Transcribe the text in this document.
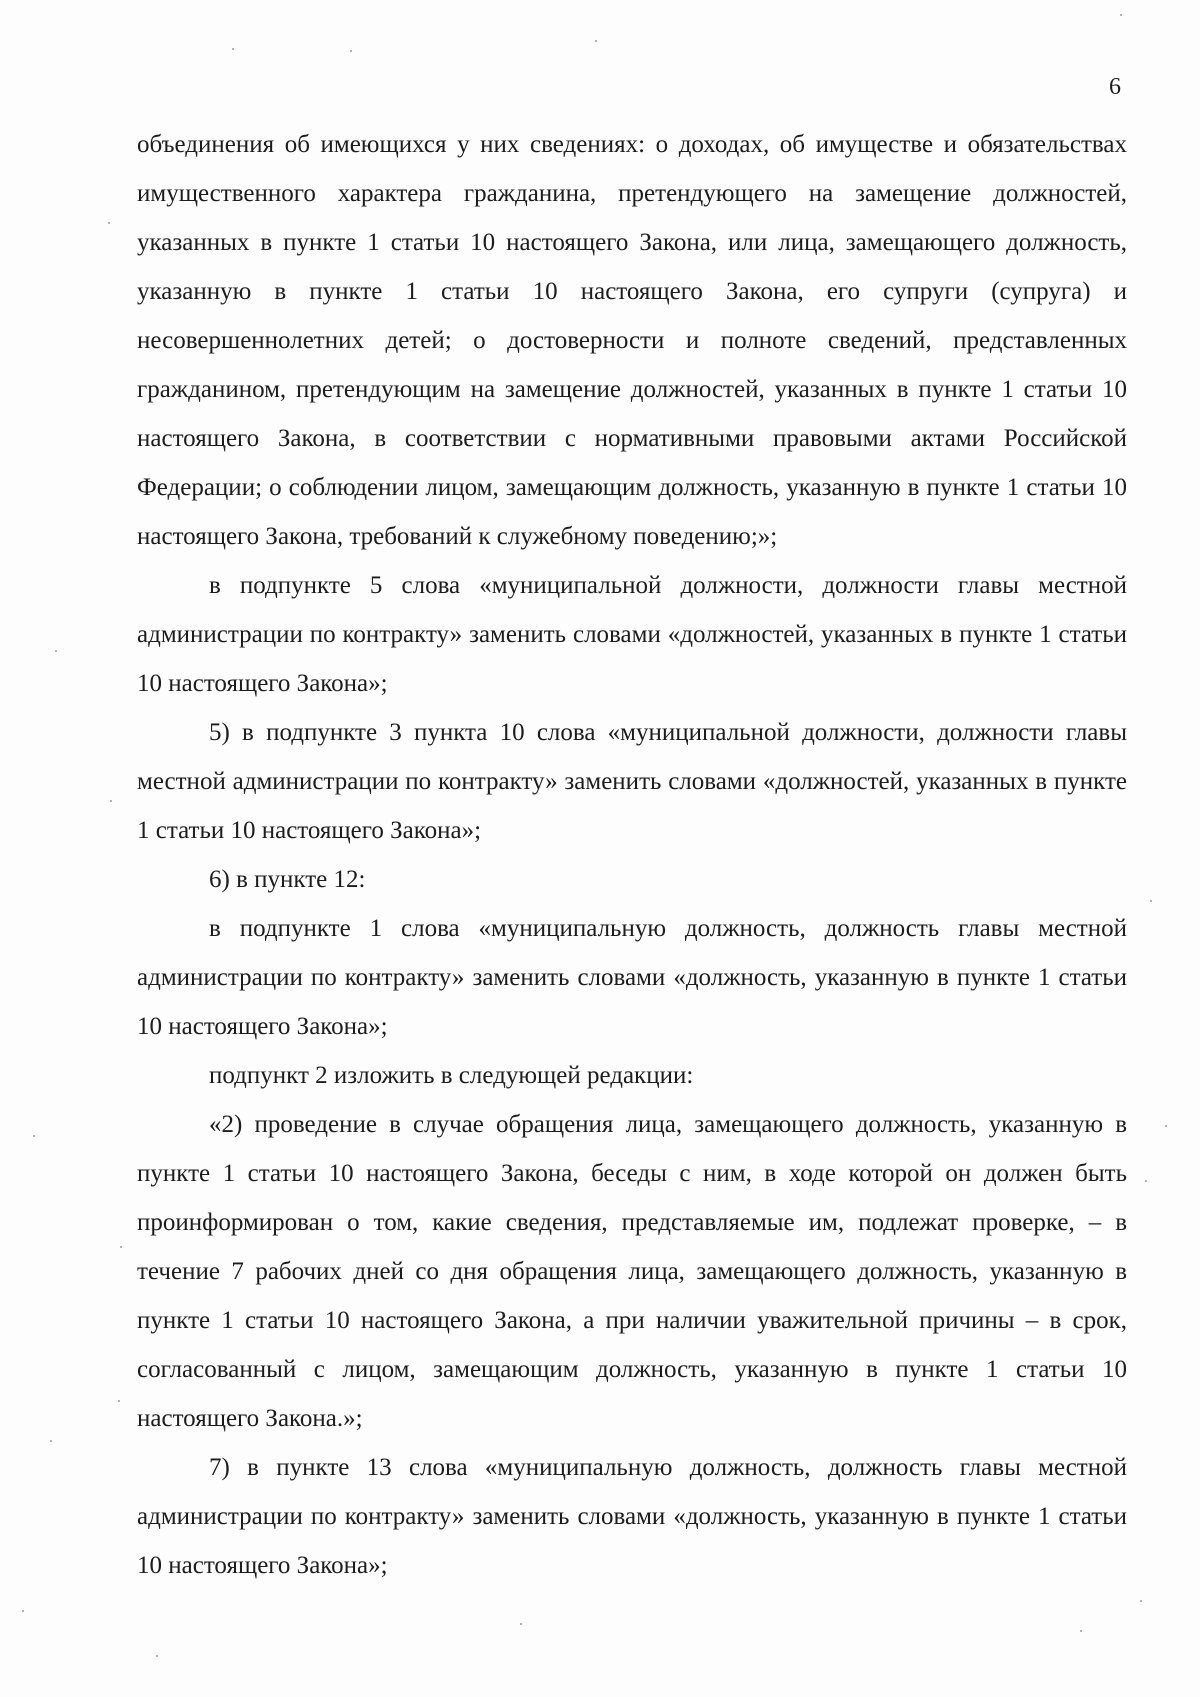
6

объединения об имеющихся у них сведениях: о доходах, об имуществе и обязательствах имущественного характера гражданина, претендующего на замещение должностей, указанных в пункте 1 статьи 10 настоящего Закона, или лица, замещающего должность, указанную в пункте 1 статьи 10 настоящего Закона, его супруги (супруга) и несовершеннолетних детей; о достоверности и полноте сведений, представленных гражданином, претендующим на замещение должностей, указанных в пункте 1 статьи 10 настоящего Закона, в соответствии с нормативными правовыми актами Российской Федерации; о соблюдении лицом, замещающим должность, указанную в пункте 1 статьи 10 настоящего Закона, требований к служебному поведению;»;

в подпункте 5 слова «муниципальной должности, должности главы местной администрации по контракту» заменить словами «должностей, указанных в пункте 1 статьи 10 настоящего Закона»;

5) в подпункте 3 пункта 10 слова «муниципальной должности, должности главы местной администрации по контракту» заменить словами «должностей, указанных в пункте 1 статьи 10 настоящего Закона»;

6) в пункте 12:

в подпункте 1 слова «муниципальную должность, должность главы местной администрации по контракту» заменить словами «должность, указанную в пункте 1 статьи 10 настоящего Закона»;

подпункт 2 изложить в следующей редакции:

«2) проведение в случае обращения лица, замещающего должность, указанную в пункте 1 статьи 10 настоящего Закона, беседы с ним, в ходе которой он должен быть проинформирован о том, какие сведения, представляемые им, подлежат проверке, – в течение 7 рабочих дней со дня обращения лица, замещающего должность, указанную в пункте 1 статьи 10 настоящего Закона, а при наличии уважительной причины – в срок, согласованный с лицом, замещающим должность, указанную в пункте 1 статьи 10 настоящего Закона.»;

7) в пункте 13 слова «муниципальную должность, должность главы местной администрации по контракту» заменить словами «должность, указанную в пункте 1 статьи 10 настоящего Закона»;
